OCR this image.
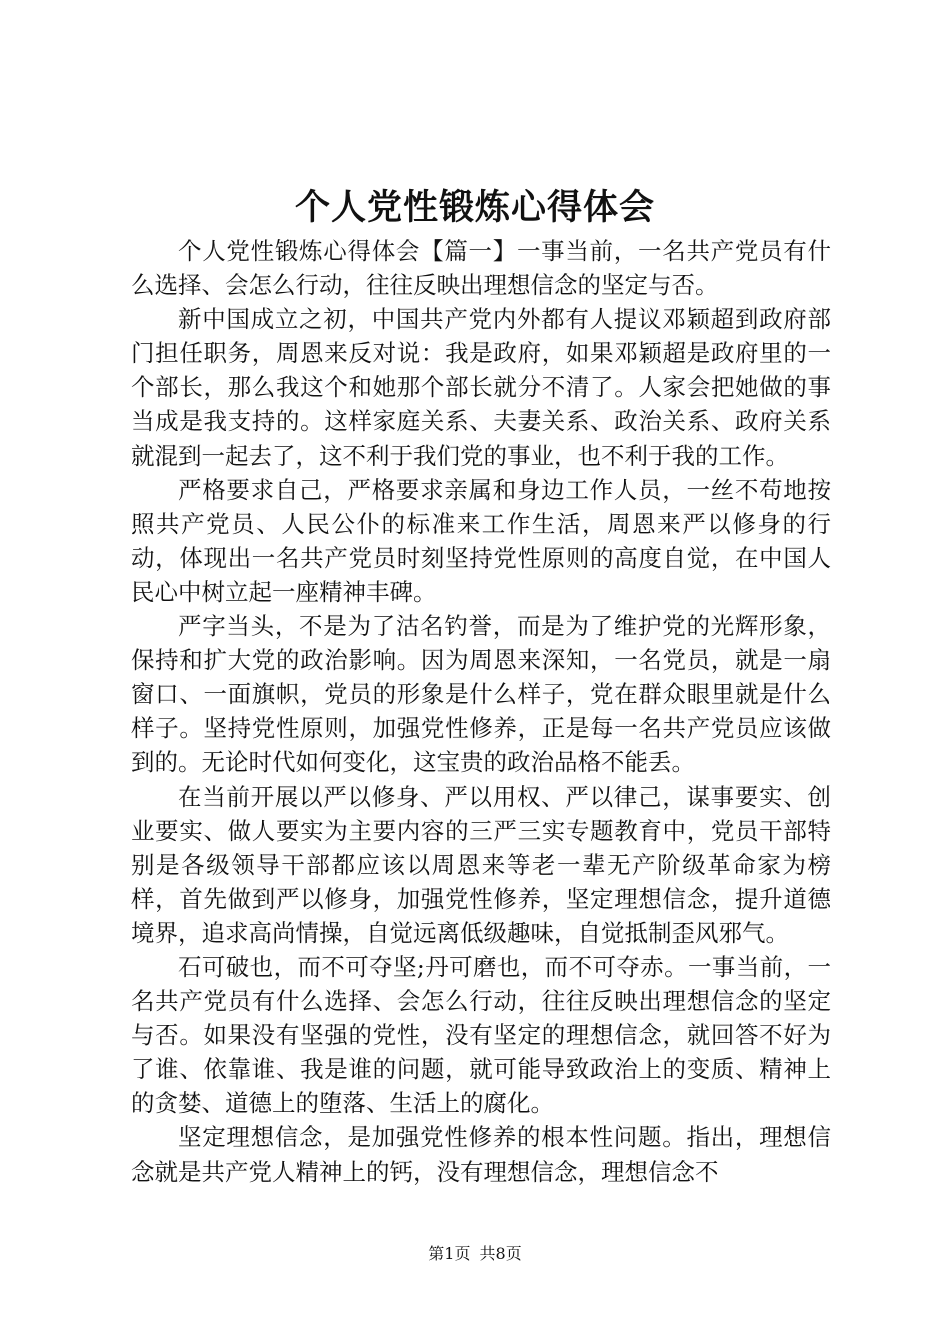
个人党性锻炼心得体会

个人党性锻炼心得体会【篇一】一事当前，一名共产党员有什么选择、会怎么行动，往往反映出理想信念的坚定与否。

新中国成立之初，中国共产党内外都有人提议邓颖超到政府部门担任职务，周恩来反对说：我是政府，如果邓颖超是政府里的一个部长，那么我这个和她那个部长就分不清了。人家会把她做的事当成是我支持的。这样家庭关系、夫妻关系、政治关系、政府关系就混到一起去了，这不利于我们党的事业，也不利于我的工作。

严格要求自己，严格要求亲属和身边工作人员，一丝不苟地按照共产党员、人民公仆的标准来工作生活，周恩来严以修身的行动，体现出一名共产党员时刻坚持党性原则的高度自觉，在中国人民心中树立起一座精神丰碑。

严字当头，不是为了沽名钓誉，而是为了维护党的光辉形象，保持和扩大党的政治影响。因为周恩来深知，一名党员，就是一扇窗口、一面旗帜，党员的形象是什么样子，党在群众眼里就是什么样子。坚持党性原则，加强党性修养，正是每一名共产党员应该做到的。无论时代如何变化，这宝贵的政治品格不能丢。

在当前开展以严以修身、严以用权、严以律己，谋事要实、创业要实、做人要实为主要内容的三严三实专题教育中，党员干部特别是各级领导干部都应该以周恩来等老一辈无产阶级革命家为榜样，首先做到严以修身，加强党性修养，坚定理想信念，提升道德境界，追求高尚情操，自觉远离低级趣味，自觉抵制歪风邪气。

石可破也，而不可夺坚;丹可磨也，而不可夺赤。一事当前，一名共产党员有什么选择、会怎么行动，往往反映出理想信念的坚定与否。如果没有坚强的党性，没有坚定的理想信念，就回答不好为了谁、依靠谁、我是谁的问题，就可能导致政治上的变质、精神上的贪婪、道德上的堕落、生活上的腐化。

坚定理想信念，是加强党性修养的根本性问题。指出，理想信念就是共产党人精神上的钙，没有理想信念，理想信念不

第1页 共8页
